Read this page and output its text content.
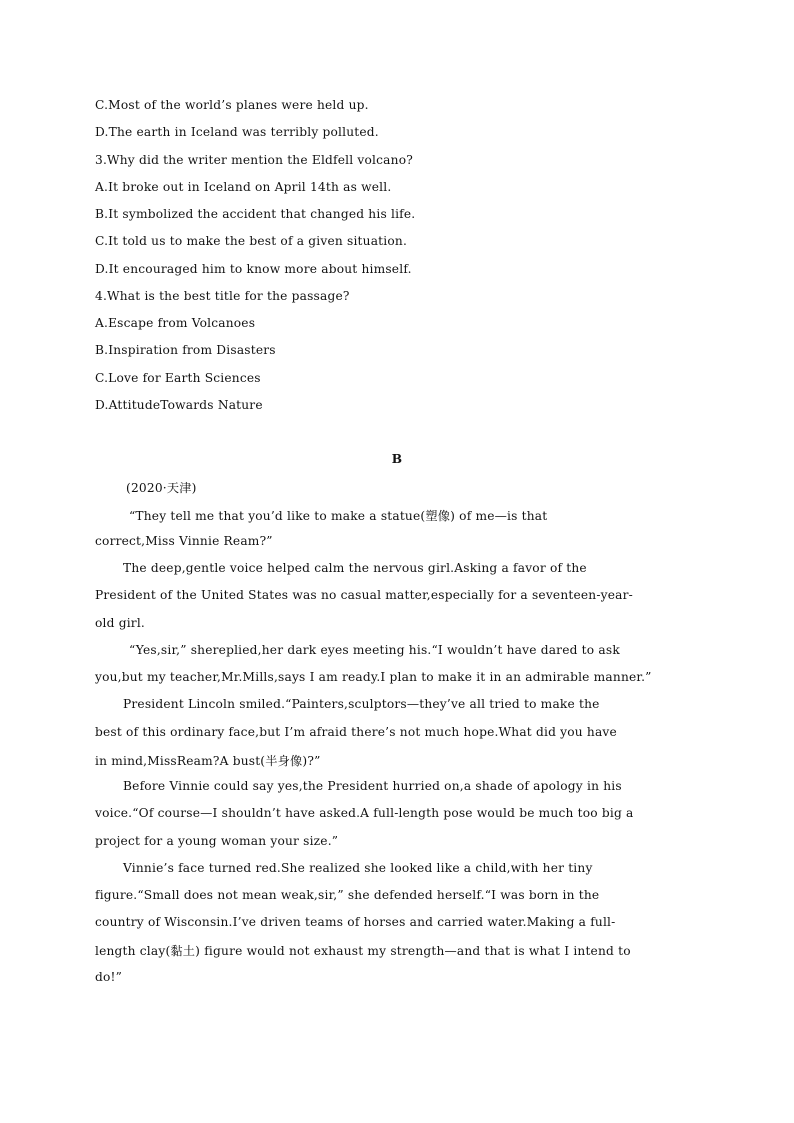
C.Most of the world’s planes were held up.
D.The earth in Iceland was terribly polluted.
3.Why did the writer mention the Eldfell volcano?
A.It broke out in Iceland on April 14th as well.
B.It symbolized the accident that changed his life.
C.It told us to make the best of a given situation.
D.It encouraged him to know more about himself.
4.What is the best title for the passage?
A.Escape from Volcanoes
B.Inspiration from Disasters
C.Love for Earth Sciences
D.AttitudeTowards Nature
B
(2020·天津)
“They tell me that you’d like to make a statue(塑像) of me—is that
correct,Miss Vinnie Ream?”
The deep,gentle voice helped calm the nervous girl.Asking a favor of the
President of the United States was no casual matter,especially for a seventeen-year-
old girl.
“Yes,sir,” shereplied,her dark eyes meeting his.“I wouldn’t have dared to ask
you,but my teacher,Mr.Mills,says I am ready.I plan to make it in an admirable manner.”
President Lincoln smiled.“Painters,sculptors—they’ve all tried to make the
best of this ordinary face,but I’m afraid there’s not much hope.What did you have
in mind,MissReam?A bust(半身像)?”
Before Vinnie could say yes,the President hurried on,a shade of apology in his
voice.“Of course—I shouldn’t have asked.A full-length pose would be much too big a
project for a young woman your size.”
Vinnie’s face turned red.She realized she looked like a child,with her tiny
figure.“Small does not mean weak,sir,” she defended herself.“I was born in the
country of Wisconsin.I’ve driven teams of horses and carried water.Making a full-
length clay(黏土) figure would not exhaust my strength—and that is what I intend to
do!”
